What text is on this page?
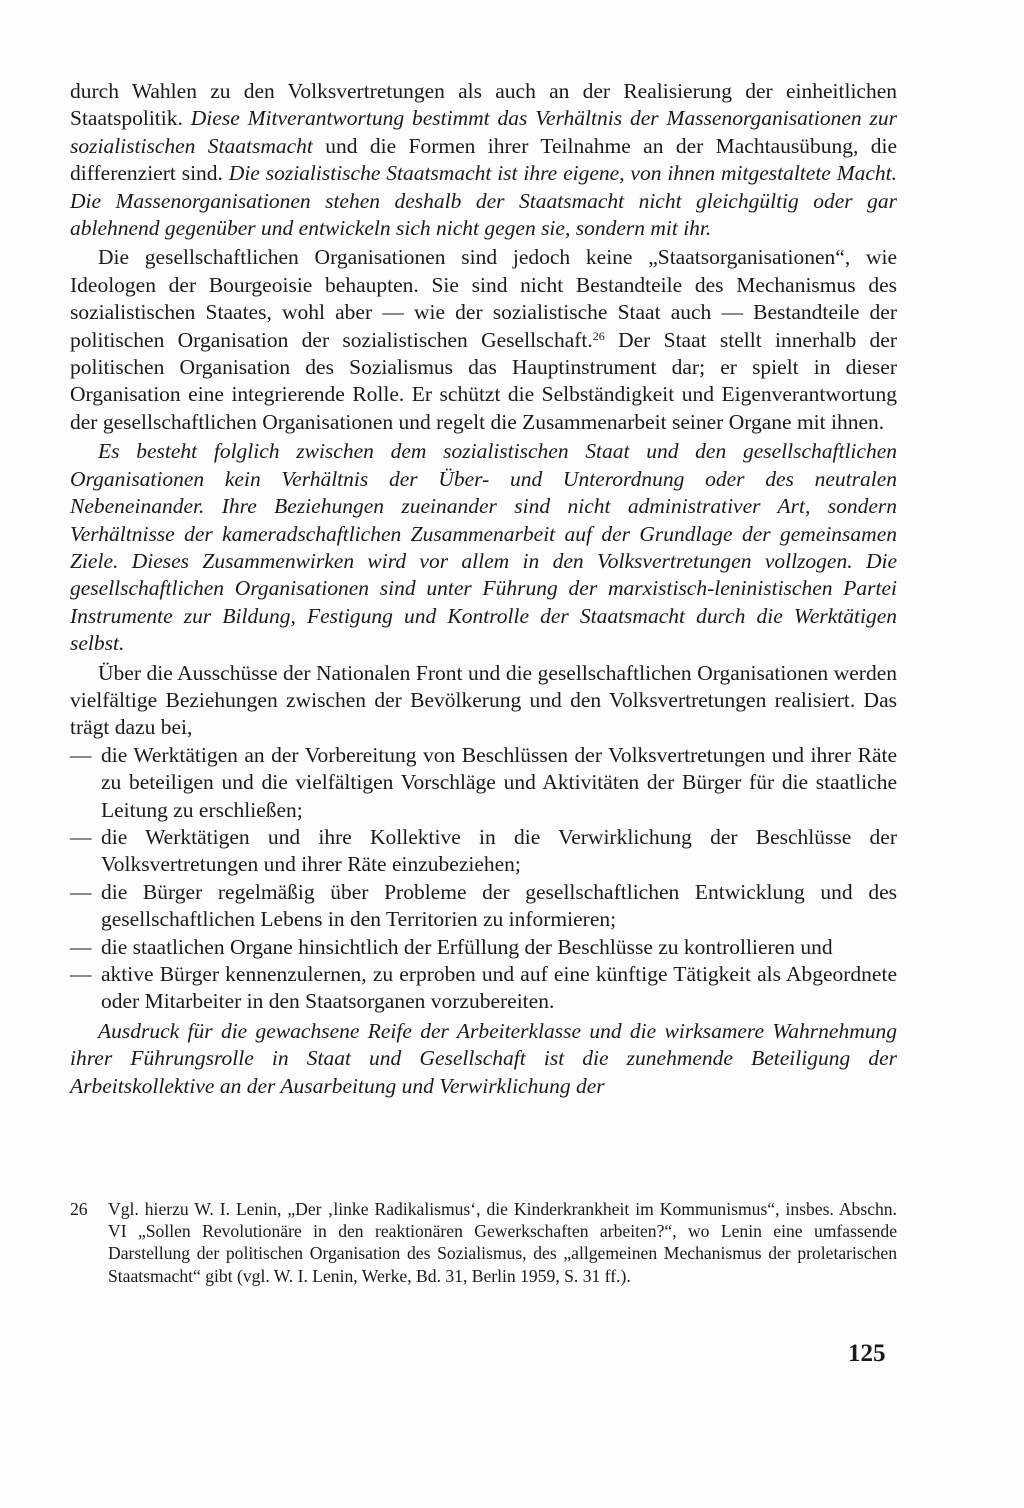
durch Wahlen zu den Volksvertretungen als auch an der Realisierung der einheitlichen Staatspolitik. Diese Mitverantwortung bestimmt das Verhältnis der Massenorganisationen zur sozialistischen Staatsmacht und die Formen ihrer Teilnahme an der Machtausübung, die differenziert sind. Die sozialistische Staatsmacht ist ihre eigene, von ihnen mitgestaltete Macht. Die Massenorganisationen stehen deshalb der Staatsmacht nicht gleichgültig oder gar ablehnend gegenüber und entwickeln sich nicht gegen sie, sondern mit ihr.

Die gesellschaftlichen Organisationen sind jedoch keine „Staatsorganisationen“, wie Ideologen der Bourgeoisie behaupten. Sie sind nicht Bestandteile des Mechanismus des sozialistischen Staates, wohl aber — wie der sozialistische Staat auch — Bestandteile der politischen Organisation der sozialistischen Gesellschaft.$^{26}$ Der Staat stellt innerhalb der politischen Organisation des Sozialismus das Hauptinstrument dar; er spielt in dieser Organisation eine integrierende Rolle. Er schützt die Selbständigkeit und Eigenverantwortung der gesellschaftlichen Organisationen und regelt die Zusammenarbeit seiner Organe mit ihnen.

Es besteht folglich zwischen dem sozialistischen Staat und den gesellschaftlichen Organisationen kein Verhältnis der Über- und Unterordnung oder des neutralen Nebeneinander. Ihre Beziehungen zueinander sind nicht administrativer Art, sondern Verhältnisse der kameradschaftlichen Zusammenarbeit auf der Grundlage der gemeinsamen Ziele. Dieses Zusammenwirken wird vor allem in den Volksvertretungen vollzogen. Die gesellschaftlichen Organisationen sind unter Führung der marxistisch-leninistischen Partei Instrumente zur Bildung, Festigung und Kontrolle der Staatsmacht durch die Werktätigen selbst.

Über die Ausschüsse der Nationalen Front und die gesellschaftlichen Organisationen werden vielfältige Beziehungen zwischen der Bevölkerung und den Volksvertretungen realisiert. Das trägt dazu bei,

— die Werktätigen an der Vorbereitung von Beschlüssen der Volksvertretungen und ihrer Räte zu beteiligen und die vielfältigen Vorschläge und Aktivitäten der Bürger für die staatliche Leitung zu erschließen;
— die Werktätigen und ihre Kollektive in die Verwirklichung der Beschlüsse der Volksvertretungen und ihrer Räte einzubeziehen;
— die Bürger regelmäßig über Probleme der gesellschaftlichen Entwicklung und des gesellschaftlichen Lebens in den Territorien zu informieren;
— die staatlichen Organe hinsichtlich der Erfüllung der Beschlüsse zu kontrollieren und
— aktive Bürger kennenzulernen, zu erproben und auf eine künftige Tätigkeit als Abgeordnete oder Mitarbeiter in den Staatsorganen vorzubereiten.

Ausdruck für die gewachsene Reife der Arbeiterklasse und die wirksamere Wahrnehmung ihrer Führungsrolle in Staat und Gesellschaft ist die zunehmende Beteiligung der Arbeitskollektive an der Ausarbeitung und Verwirklichung der

26	Vgl. hierzu W. I. Lenin, „Der ‚linke Radikalismus‘, die Kinderkrankheit im Kommunismus“, insbes. Abschn. VI „Sollen Revolutionäre in den reaktionären Gewerkschaften arbeiten?“, wo Lenin eine umfassende Darstellung der politischen Organisation des Sozialismus, des „allgemeinen Mechanismus der proletarischen Staatsmacht“ gibt (vgl. W. I. Lenin, Werke, Bd. 31, Berlin 1959, S. 31 ff.).
125
